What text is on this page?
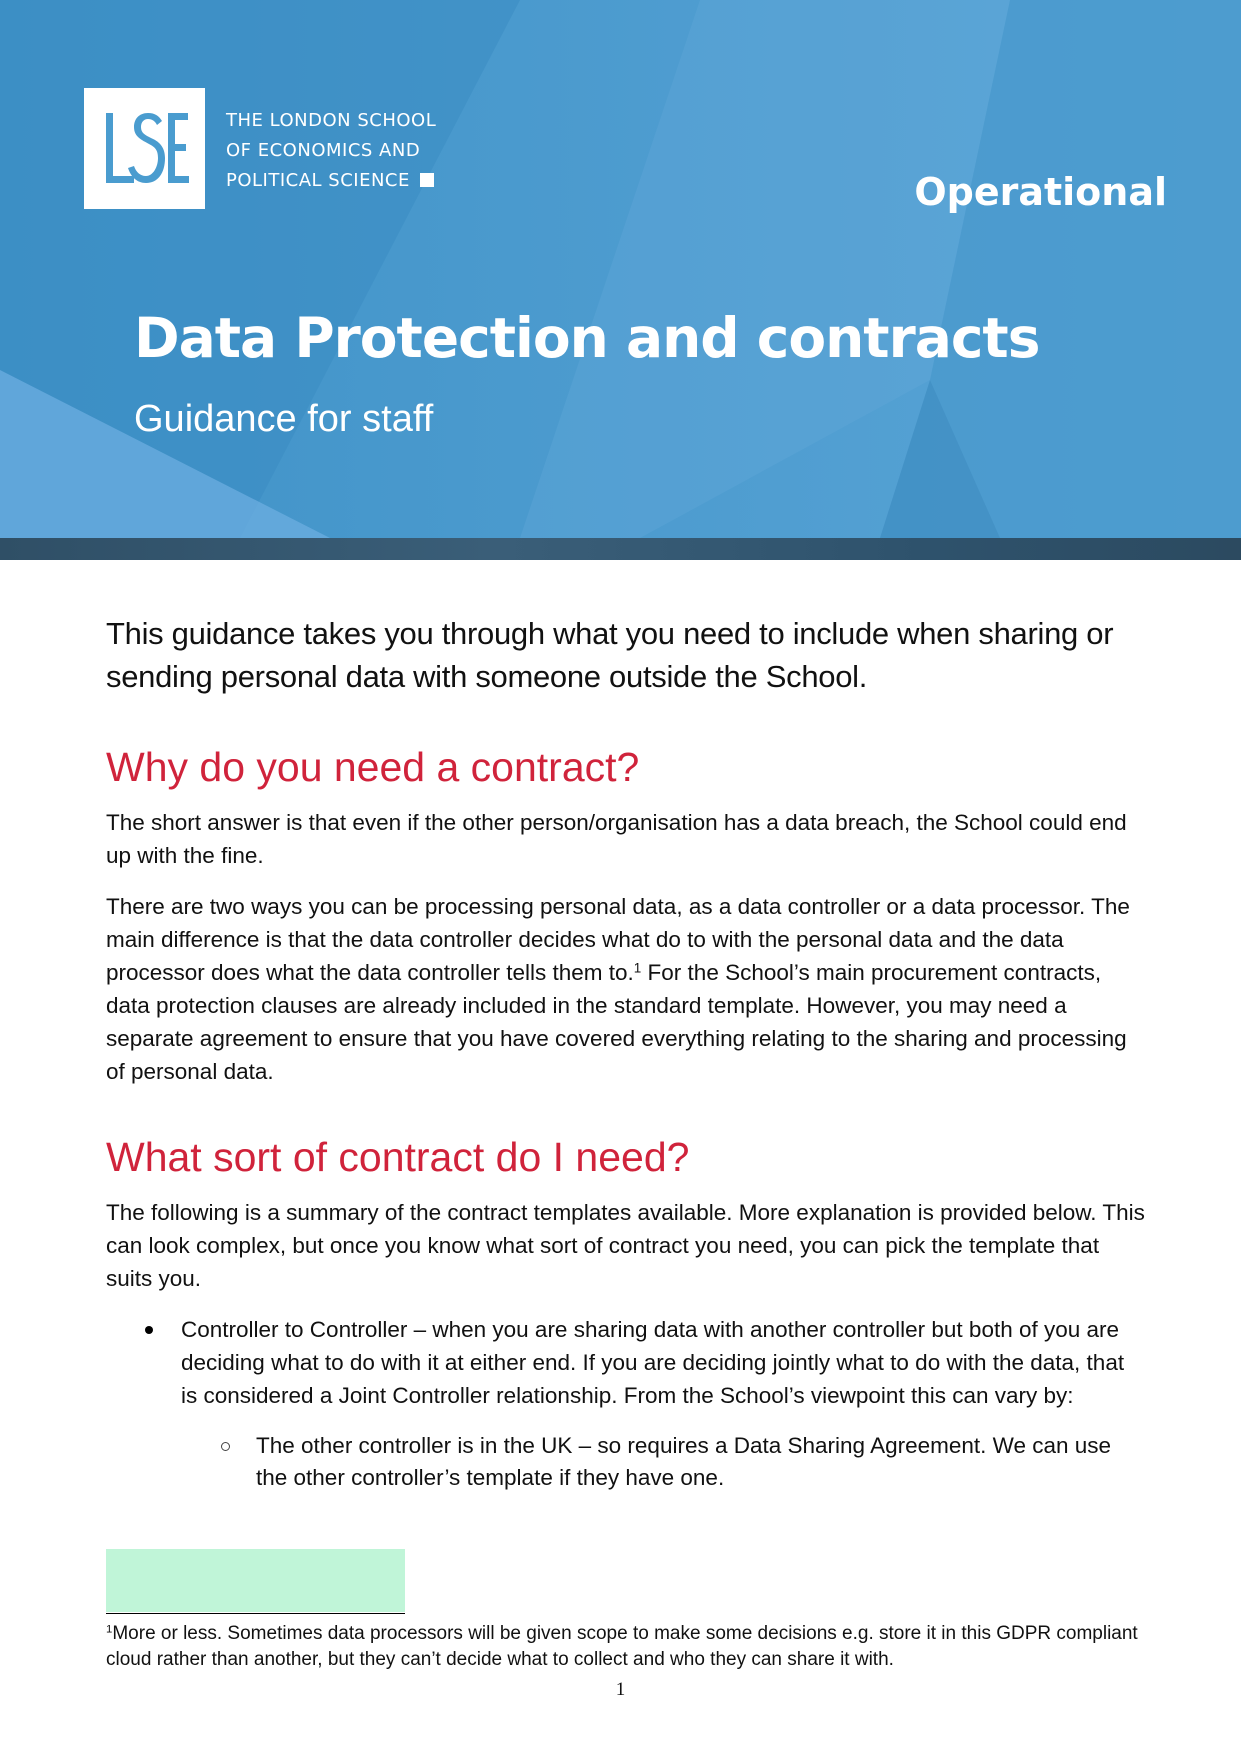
THE LONDON SCHOOL
OF ECONOMICS AND
POLITICAL SCIENCE	Operational
Data Protection and contracts
Guidance for staff

This guidance takes you through what you need to include when sharing or sending personal data with someone outside the School.

Why do you need a contract?

The short answer is that even if the other person/organisation has a data breach, the School could end up with the fine.

There are two ways you can be processing personal data, as a data controller or a data processor. The main difference is that the data controller decides what do to with the personal data and the data processor does what the data controller tells them to.$^1$ For the School’s main procurement contracts, data protection clauses are already included in the standard template. However, you may need a separate agreement to ensure that you have covered everything relating to the sharing and processing of personal data.

What sort of contract do I need?

The following is a summary of the contract templates available. More explanation is provided below. This can look complex, but once you know what sort of contract you need, you can pick the template that suits you.

Controller to Controller – when you are sharing data with another controller but both of you are deciding what to do with it at either end. If you are deciding jointly what to do with the data, that is considered a Joint Controller relationship. From the School’s viewpoint this can vary by:
The other controller is in the UK – so requires a Data Sharing Agreement. We can use the other controller’s template if they have one.
$^1$More or less. Sometimes data processors will be given scope to make some decisions e.g. store it in this GDPR compliant cloud rather than another, but they can’t decide what to collect and who they can share it with.
1
